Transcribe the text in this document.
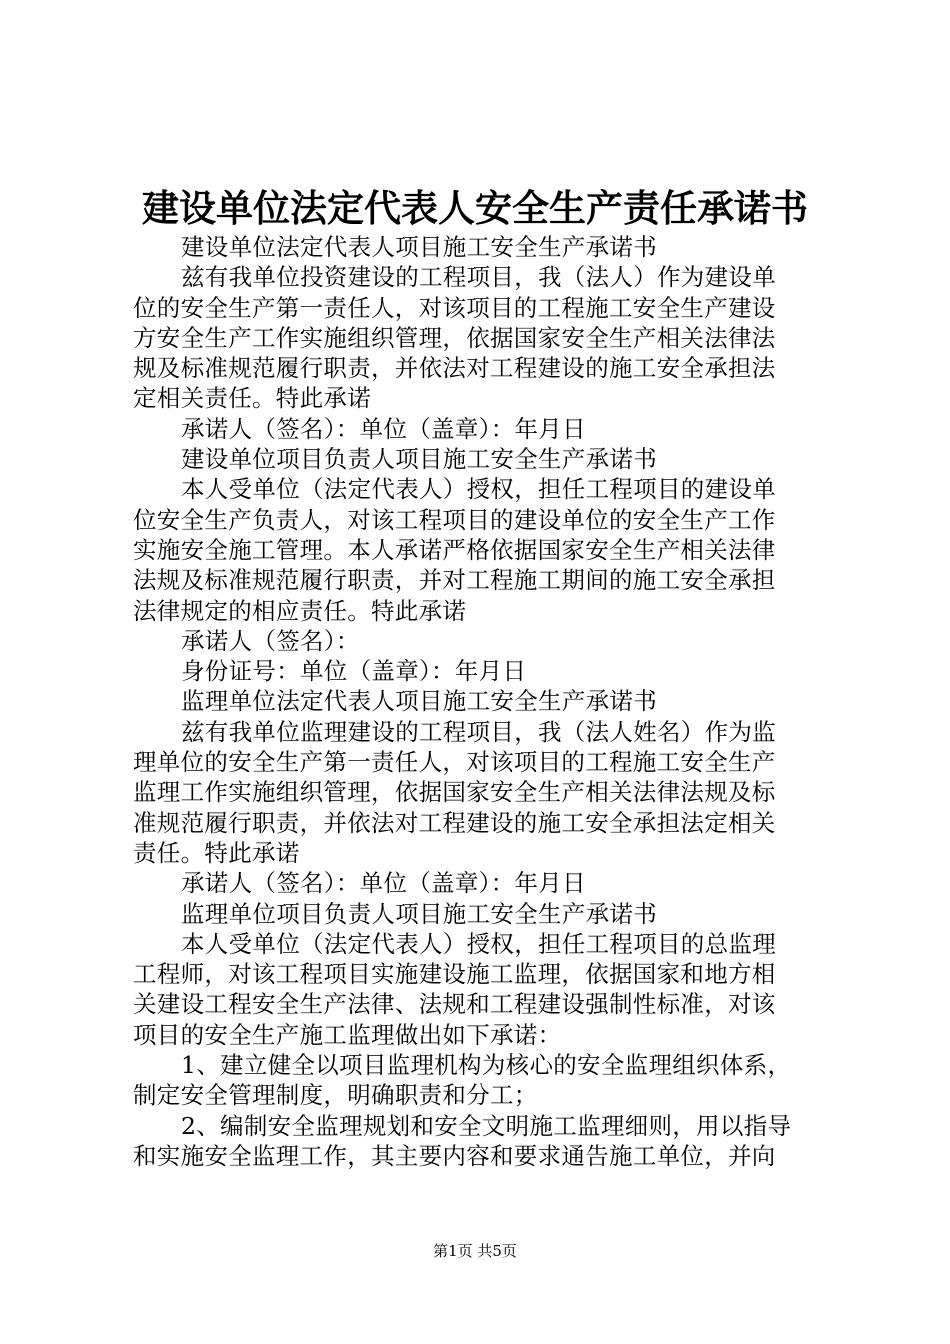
建设单位法定代表人安全生产责任承诺书
建设单位法定代表人项目施工安全生产承诺书
兹有我单位投资建设的工程项目，我（法人）作为建设单
位的安全生产第一责任人，对该项目的工程施工安全生产建设
方安全生产工作实施组织管理，依据国家安全生产相关法律法
规及标准规范履行职责，并依法对工程建设的施工安全承担法
定相关责任。特此承诺
承诺人（签名）：单位（盖章）：年月日
建设单位项目负责人项目施工安全生产承诺书
本人受单位（法定代表人）授权，担任工程项目的建设单
位安全生产负责人，对该工程项目的建设单位的安全生产工作
实施安全施工管理。本人承诺严格依据国家安全生产相关法律
法规及标准规范履行职责，并对工程施工期间的施工安全承担
法律规定的相应责任。特此承诺
承诺人（签名）：
身份证号：单位（盖章）：年月日
监理单位法定代表人项目施工安全生产承诺书
兹有我单位监理建设的工程项目，我（法人姓名）作为监
理单位的安全生产第一责任人，对该项目的工程施工安全生产
监理工作实施组织管理，依据国家安全生产相关法律法规及标
准规范履行职责，并依法对工程建设的施工安全承担法定相关
责任。特此承诺
承诺人（签名）：单位（盖章）：年月日
监理单位项目负责人项目施工安全生产承诺书
本人受单位（法定代表人）授权，担任工程项目的总监理
工程师，对该工程项目实施建设施工监理，依据国家和地方相
关建设工程安全生产法律、法规和工程建设强制性标准，对该
项目的安全生产施工监理做出如下承诺：
1、建立健全以项目监理机构为核心的安全监理组织体系，
制定安全管理制度，明确职责和分工；
2、编制安全监理规划和安全文明施工监理细则，用以指导
和实施安全监理工作，其主要内容和要求通告施工单位，并向
第1页 共5页
